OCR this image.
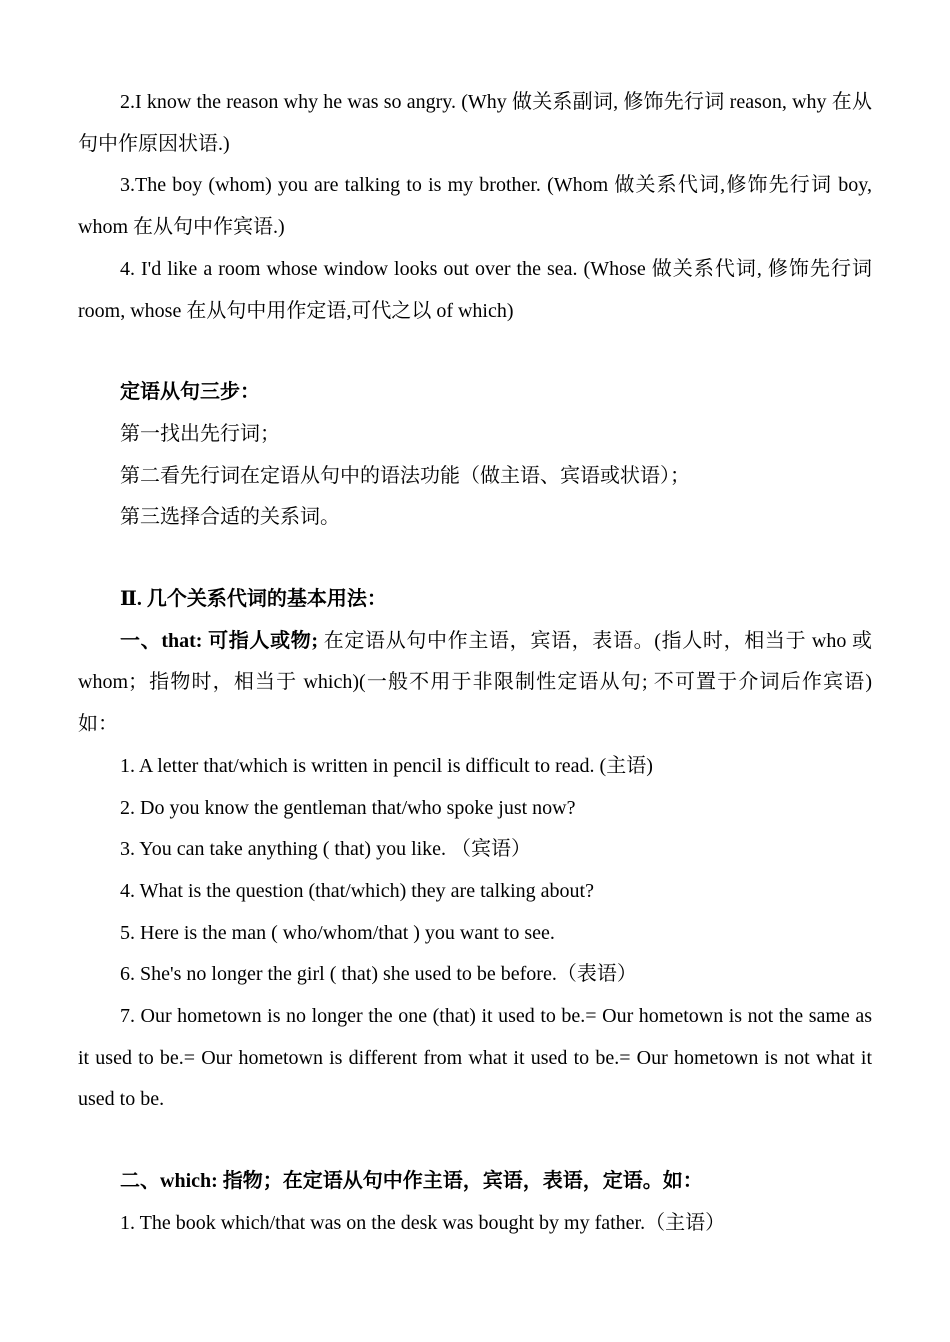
2.I know the reason why he was so angry. (Why 做关系副词, 修饰先行词 reason, why 在从句中作原因状语.)

3.The boy (whom) you are talking to is my brother. (Whom 做关系代词,修饰先行词 boy, whom 在从句中作宾语.)

4. I'd like a room whose window looks out over the sea. (Whose 做关系代词, 修饰先行词 room, whose 在从句中用作定语,可代之以 of which)

定语从句三步：

第一找出先行词；

第二看先行词在定语从句中的语法功能（做主语、宾语或状语）；

第三选择合适的关系词。

Ⅱ. 几个关系代词的基本用法：

一、that: 可指人或物; 在定语从句中作主语，宾语，表语。(指人时，相当于 who 或 whom；指物时，相当于 which)(一般不用于非限制性定语从句; 不可置于介词后作宾语) 如：

1. A letter that/which is written in pencil is difficult to read. (主语)

2. Do you know the gentleman that/who spoke just now?

3. You can take anything ( that) you like. （宾语）

4. What is the question (that/which) they are talking about?

5. Here is the man ( who/whom/that ) you want to see.

6. She's no longer the girl ( that) she used to be before.（表语）

7. Our hometown is no longer the one (that) it used to be.= Our hometown is not the same as it used to be.= Our hometown is different from what it used to be.= Our hometown is not what it used to be.

二、which: 指物；在定语从句中作主语，宾语，表语，定语。如：

1. The book which/that was on the desk was bought by my father.（主语）
